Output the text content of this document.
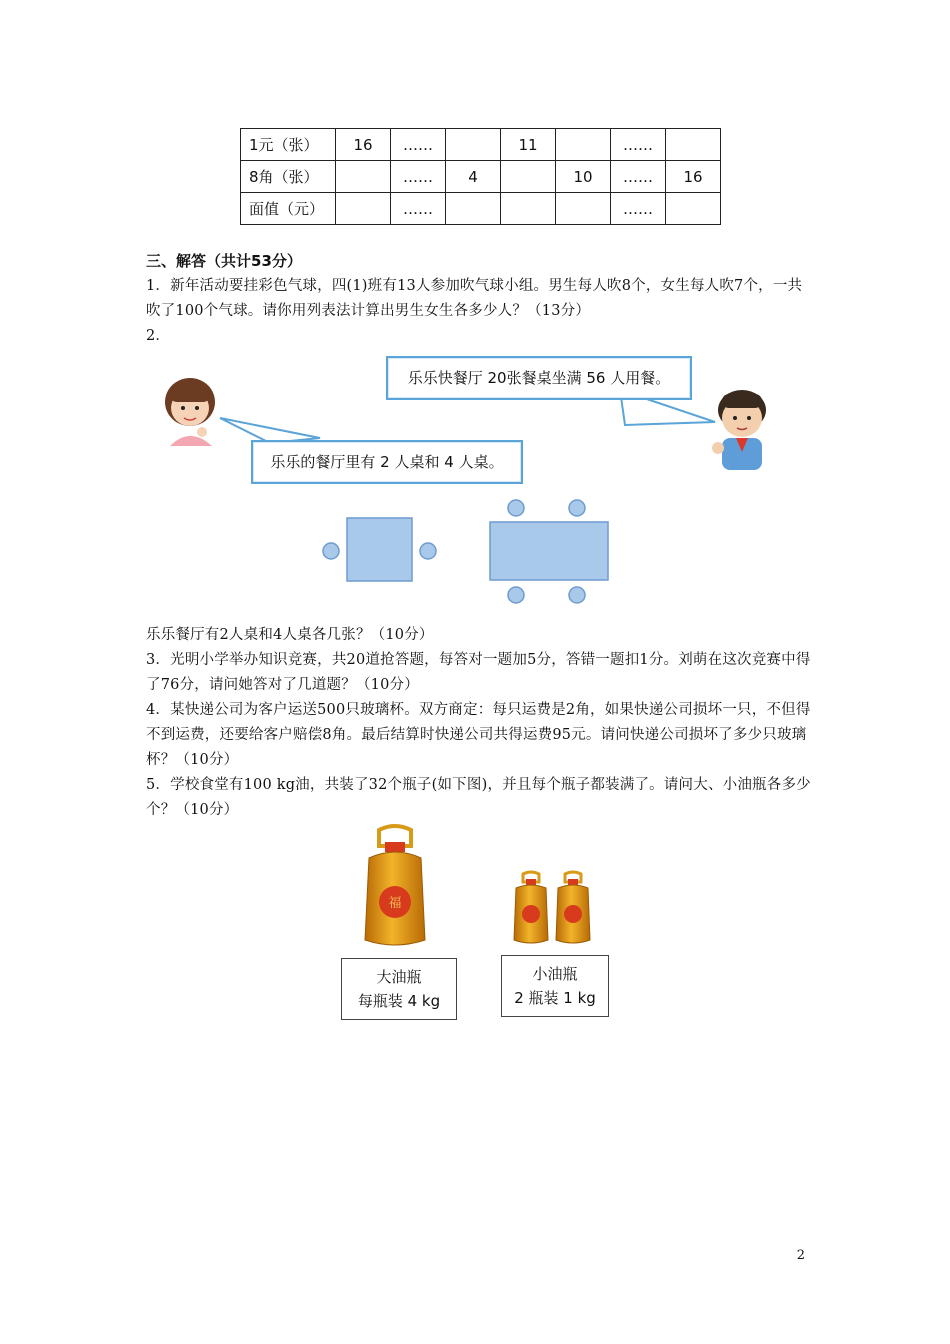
1元（张）	16	……		11		……	
8角（张）		……	4		10	……	16
面值（元）		……				……	
三、解答（共计53分）
1．新年活动要挂彩色气球，四(1)班有13人参加吹气球小组。男生每人吹8个，女生每人吹7个，一共吹了100个气球。请你用列表法计算出男生女生各多少人？（13分）
2．
乐乐快餐厅 20张餐桌坐满 56 人用餐。
乐乐的餐厅里有 2 人桌和 4 人桌。
乐乐餐厅有2人桌和4人桌各几张？（10分）
3．光明小学举办知识竞赛，共20道抢答题，每答对一题加5分，答错一题扣1分。刘萌在这次竞赛中得了76分，请问她答对了几道题？（10分）
4．某快递公司为客户运送500只玻璃杯。双方商定：每只运费是2角，如果快递公司损坏一只，不但得不到运费，还要给客户赔偿8角。最后结算时快递公司共得运费95元。请问快递公司损坏了多少只玻璃杯？（10分）
5．学校食堂有100 kg油，共装了32个瓶子(如下图)，并且每个瓶子都装满了。请问大、小油瓶各多少个？（10分）
福
大油瓶
每瓶装 4 kg
小油瓶
2 瓶装 1 kg
2
